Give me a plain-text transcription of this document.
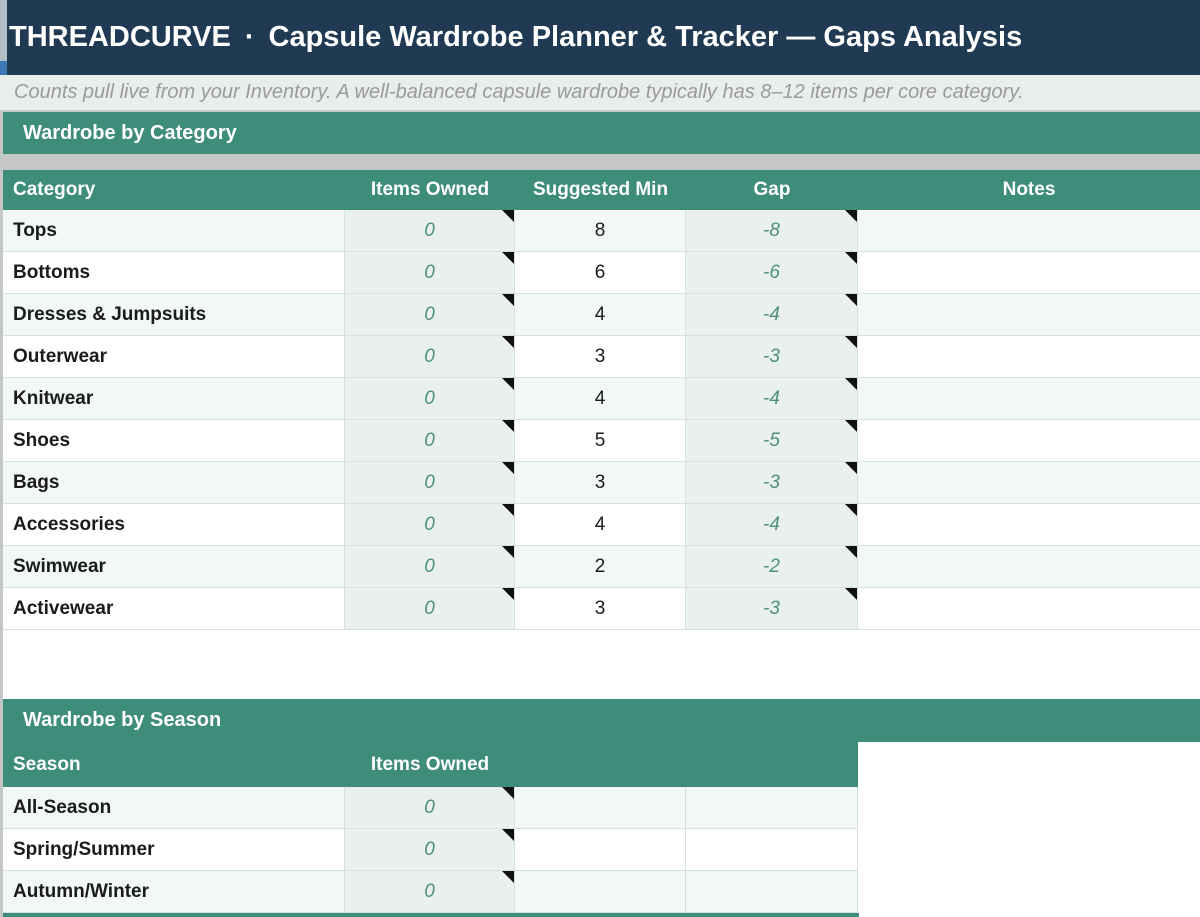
THREADCURVE · Capsule Wardrobe Planner & Tracker — Gaps Analysis
Counts pull live from your Inventory. A well-balanced capsule wardrobe typically has 8–12 items per core category.
Wardrobe by Category
Category	Items Owned	Suggested Min	Gap	Notes
Tops	0	8	-8
Bottoms	0	6	-6
Dresses & Jumpsuits	0	4	-4
Outerwear	0	3	-3
Knitwear	0	4	-4
Shoes	0	5	-5
Bags	0	3	-3
Accessories	0	4	-4
Swimwear	0	2	-2
Activewear	0	3	-3
Wardrobe by Season
Season	Items Owned
All-Season	0
Spring/Summer	0
Autumn/Winter	0
